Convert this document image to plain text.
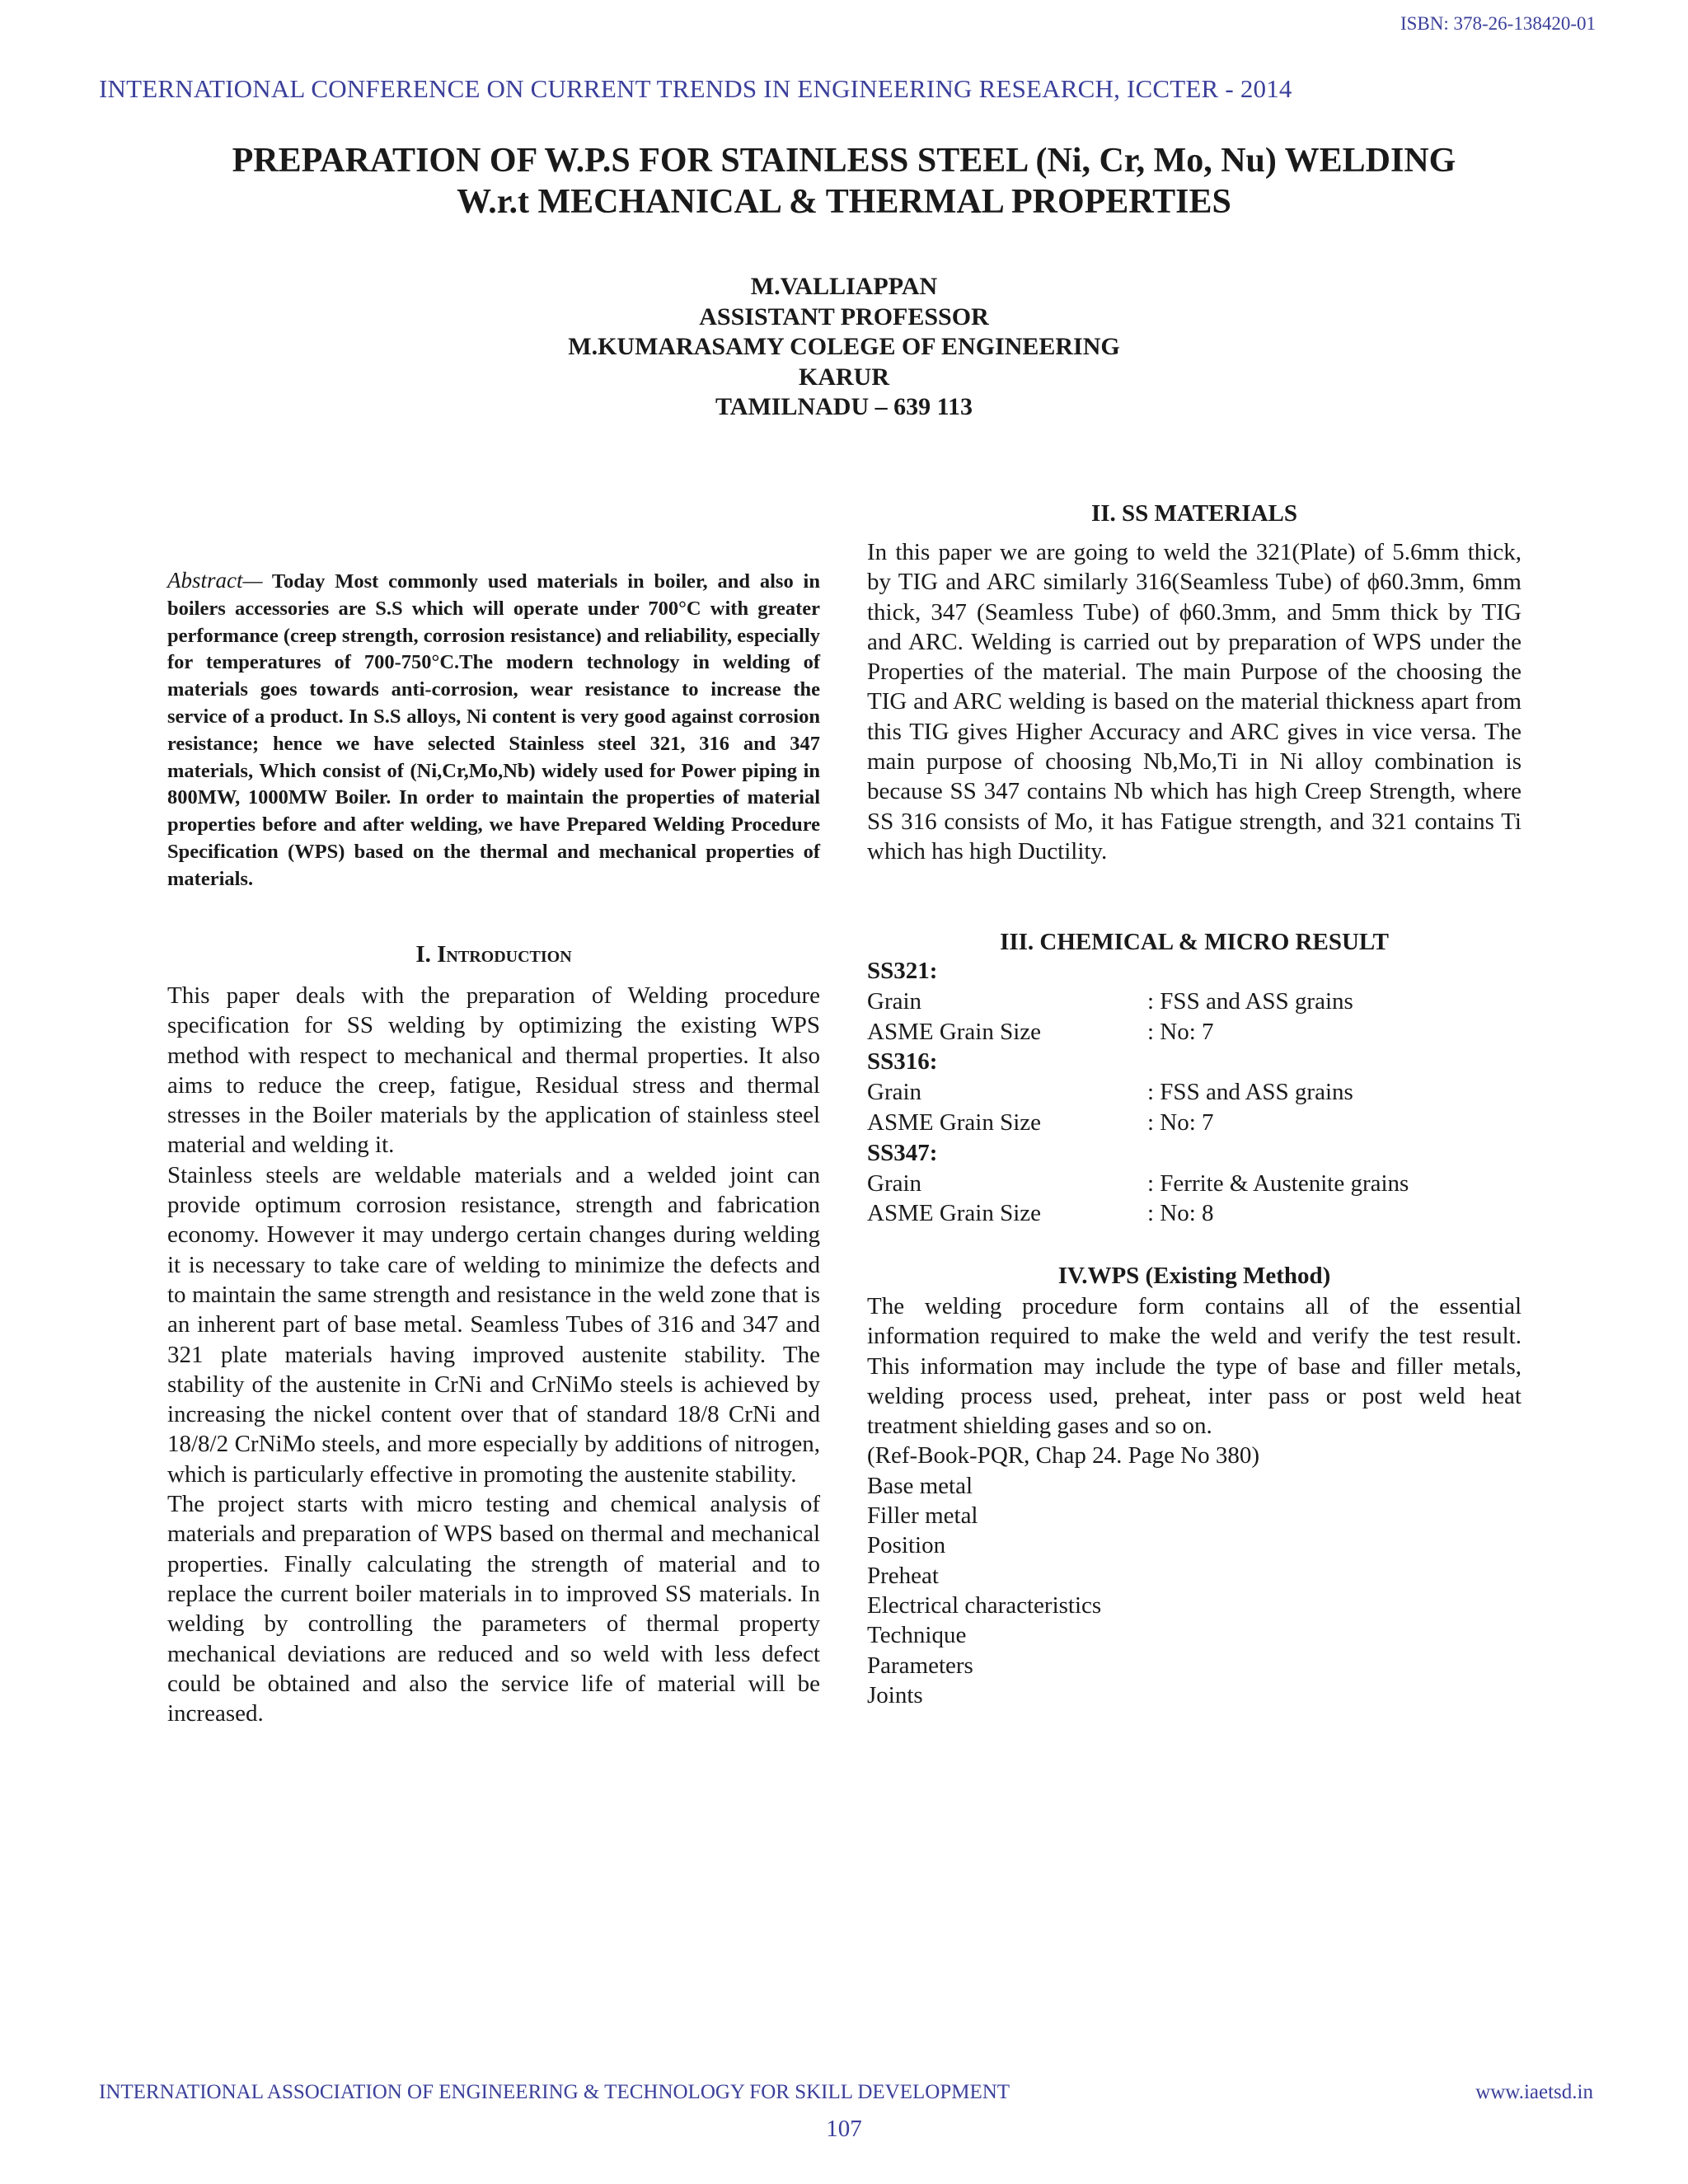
ISBN: 378-26-138420-01
INTERNATIONAL CONFERENCE ON CURRENT TRENDS IN ENGINEERING RESEARCH, ICCTER - 2014
PREPARATION OF W.P.S FOR STAINLESS STEEL (Ni, Cr, Mo, Nu) WELDING
W.r.t MECHANICAL & THERMAL PROPERTIES
M.VALLIAPPAN
ASSISTANT PROFESSOR
M.KUMARASAMY COLEGE OF ENGINEERING
KARUR
TAMILNADU – 639 113
Abstract— Today Most commonly used materials in boiler, and also in boilers accessories are S.S which will operate under 700°C with greater performance (creep strength, corrosion resistance) and reliability, especially for temperatures of 700-750°C.The modern technology in welding of materials goes towards anti-corrosion, wear resistance to increase the service of a product. In S.S alloys, Ni content is very good against corrosion resistance; hence we have selected Stainless steel 321, 316 and 347 materials, Which consist of (Ni,Cr,Mo,Nb) widely used for Power piping in 800MW, 1000MW Boiler. In order to maintain the properties of material properties before and after welding, we have Prepared Welding Procedure Specification (WPS) based on the thermal and mechanical properties of materials.
I. Introduction

This paper deals with the preparation of Welding procedure specification for SS welding by optimizing the existing WPS method with respect to mechanical and thermal properties. It also aims to reduce the creep, fatigue, Residual stress and thermal stresses in the Boiler materials by the application of stainless steel material and welding it.

Stainless steels are weldable materials and a welded joint can provide optimum corrosion resistance, strength and fabrication economy. However it may undergo certain changes during welding it is necessary to take care of welding to minimize the defects and to maintain the same strength and resistance in the weld zone that is an inherent part of base metal. Seamless Tubes of 316 and 347 and 321 plate materials having improved austenite stability. The stability of the austenite in CrNi and CrNiMo steels is achieved by increasing the nickel content over that of standard 18/8 CrNi and 18/8/2 CrNiMo steels, and more especially by additions of nitrogen, which is particularly effective in promoting the austenite stability.

The project starts with micro testing and chemical analysis of materials and preparation of WPS based on thermal and mechanical properties. Finally calculating the strength of material and to replace the current boiler materials in to improved SS materials. In welding by controlling the parameters of thermal property mechanical deviations are reduced and so weld with less defect could be obtained and also the service life of material will be increased.

II. SS MATERIALS
In this paper we are going to weld the 321(Plate) of 5.6mm thick, by TIG and ARC similarly 316(Seamless Tube) of ϕ60.3mm, 6mm thick, 347 (Seamless Tube) of ϕ60.3mm, and 5mm thick by TIG and ARC. Welding is carried out by preparation of WPS under the Properties of the material. The main Purpose of the choosing the TIG and ARC welding is based on the material thickness apart from this TIG gives Higher Accuracy and ARC gives in vice versa. The main purpose of choosing Nb,Mo,Ti in Ni alloy combination is because SS 347 contains Nb which has high Creep Strength, where SS 316 consists of Mo, it has Fatigue strength, and 321 contains Ti which has high Ductility.
III. CHEMICAL & MICRO RESULT
SS321:
Grain	: FSS and ASS grains
ASME Grain Size	: No: 7
SS316:
Grain	: FSS and ASS grains
ASME Grain Size	: No: 7
SS347:
Grain	: Ferrite & Austenite grains
ASME Grain Size	: No: 8
IV.WPS (Existing Method)

The welding procedure form contains all of the essential information required to make the weld and verify the test result. This information may include the type of base and filler metals, welding process used, preheat, inter pass or post weld heat treatment shielding gases and so on.

(Ref-Book-PQR, Chap 24. Page No 380)

Base metal
Filler metal
Position
Preheat
Electrical characteristics
Technique
Parameters
Joints
INTERNATIONAL ASSOCIATION OF ENGINEERING & TECHNOLOGY FOR SKILL DEVELOPMENT	www.iaetsd.in
107
